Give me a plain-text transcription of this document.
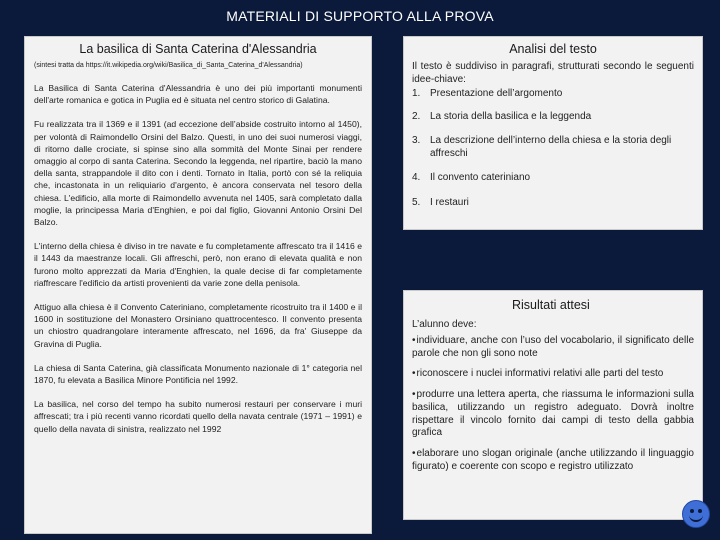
MATERIALI DI SUPPORTO ALLA PROVA
La basilica di Santa Caterina d'Alessandria
(sintesi tratta da https://it.wikipedia.org/wiki/Basilica_di_Santa_Caterina_d'Alessandria)

La Basilica di Santa Caterina d'Alessandria è uno dei più importanti monumenti dell'arte romanica e gotica in Puglia ed è situata nel centro storico di Galatina.

Fu realizzata tra il 1369 e il 1391 (ad eccezione dell’abside costruito intorno al 1450), per volontà di Raimondello Orsini del Balzo. Questi, in uno dei suoi numerosi viaggi, di ritorno dalle crociate, si spinse sino alla sommità del Monte Sinai per rendere omaggio al corpo di santa Caterina. Secondo la leggenda, nel ripartire, baciò la mano della santa, strappandole il dito con i denti. Tornato in Italia, portò con sé la reliquia che, incastonata in un reliquiario d'argento, è ancora conservata nel tesoro della chiesa. L'edificio, alla morte di Raimondello avvenuta nel 1405, sarà completato dalla moglie, la principessa Maria d'Enghien, e poi dal figlio, Giovanni Antonio Orsini Del Balzo.

L'interno della chiesa è diviso in tre navate e fu completamente affrescato tra il 1416 e il 1443 da maestranze locali. Gli affreschi, però, non erano di elevata qualità e non furono molto apprezzati da Maria d'Enghien, la quale decise di far completamente riaffrescare l'edificio da artisti provenienti da varie zone della penisola.

Attiguo alla chiesa è il Convento Cateriniano, completamente ricostruito tra il 1400 e il 1600 in sostituzione del Monastero Orsiniano quattrocentesco. Il convento presenta un chiostro quadrangolare interamente affrescato, nel 1696, da fra' Giuseppe da Gravina di Puglia.

La chiesa di Santa Caterina, già classificata Monumento nazionale di 1° categoria nel 1870, fu elevata a Basilica Minore Pontificia nel 1992.

La basilica, nel corso del tempo ha subito numerosi restauri per conservare i muri affrescati; tra i più recenti vanno ricordati quello della navata centrale (1971 – 1991) e quello della navata di sinistra, realizzato nel 1992

Analisi del testo
Il testo è suddiviso in paragrafi, strutturati secondo le seguenti idee-chiave:
1. Presentazione dell’argomento
2. La storia della basilica e la leggenda
3. La descrizione dell’interno della chiesa e la storia degli affreschi
4. Il convento cateriniano
5. I restauri
Risultati attesi
L’alunno deve:
•individuare, anche con l’uso del vocabolario, il significato delle parole che non gli sono note
•riconoscere i nuclei informativi relativi alle parti del testo
•produrre una lettera aperta, che riassuma le informazioni sulla basilica, utilizzando un registro adeguato. Dovrà inoltre rispettare il vincolo fornito dai campi di testo della gabbia grafica
•elaborare uno slogan originale (anche utilizzando il linguaggio figurato) e coerente con scopo e registro utilizzato
